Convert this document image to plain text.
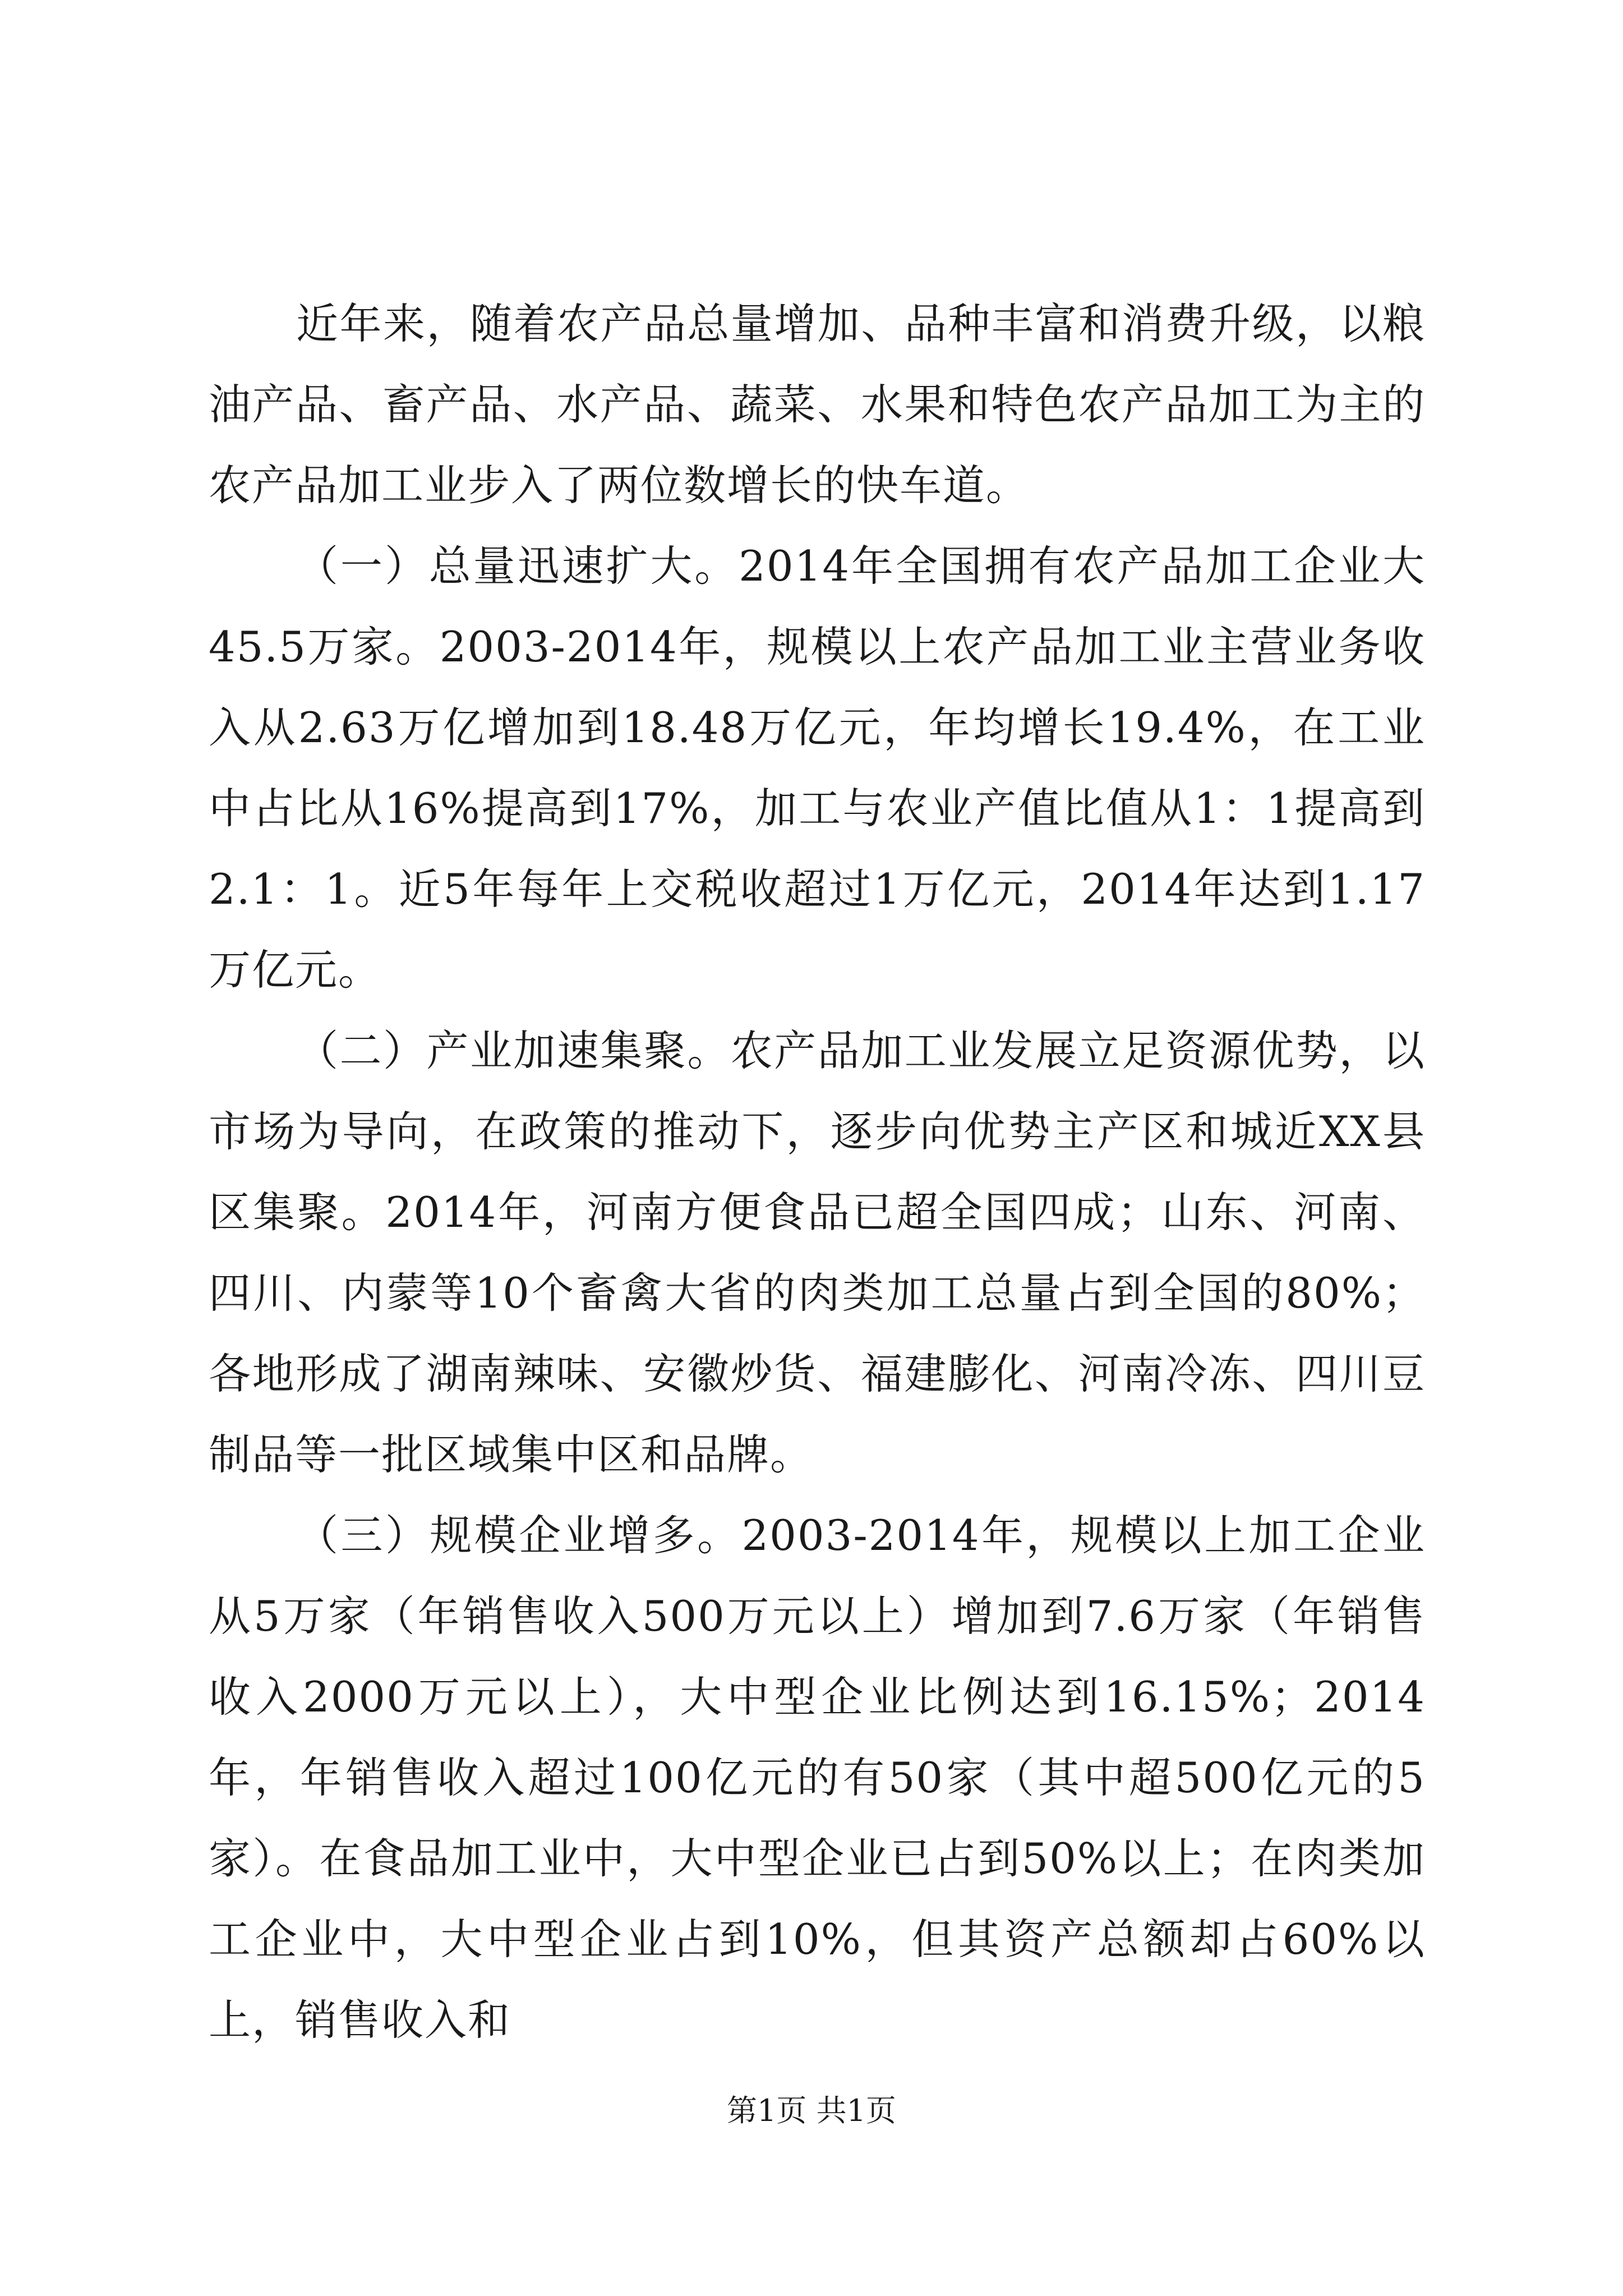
近年来，随着农产品总量增加、品种丰富和消费升级，以粮油产品、畜产品、水产品、蔬菜、水果和特色农产品加工为主的农产品加工业步入了两位数增长的快车道。

（一）总量迅速扩大。2014年全国拥有农产品加工企业大45.5万家。2003-2014年，规模以上农产品加工业主营业务收入从2.63万亿增加到18.48万亿元，年均增长19.4%，在工业中占比从16%提高到17%，加工与农业产值比值从1：1提高到2.1：1。近5年每年上交税收超过1万亿元，2014年达到1.17万亿元。

（二）产业加速集聚。农产品加工业发展立足资源优势，以市场为导向，在政策的推动下，逐步向优势主产区和城近XX县区集聚。2014年，河南方便食品已超全国四成；山东、河南、四川、内蒙等10个畜禽大省的肉类加工总量占到全国的80%；各地形成了湖南辣味、安徽炒货、福建膨化、河南冷冻、四川豆制品等一批区域集中区和品牌。

（三）规模企业增多。2003-2014年，规模以上加工企业从5万家（年销售收入500万元以上）增加到7.6万家（年销售收入2000万元以上），大中型企业比例达到16.15%；2014年，年销售收入超过100亿元的有50家（其中超500亿元的5家）。在食品加工业中，大中型企业已占到50%以上；在肉类加工企业中，大中型企业占到10%，但其资产总额却占60%以上，销售收入和

第1页 共1页
